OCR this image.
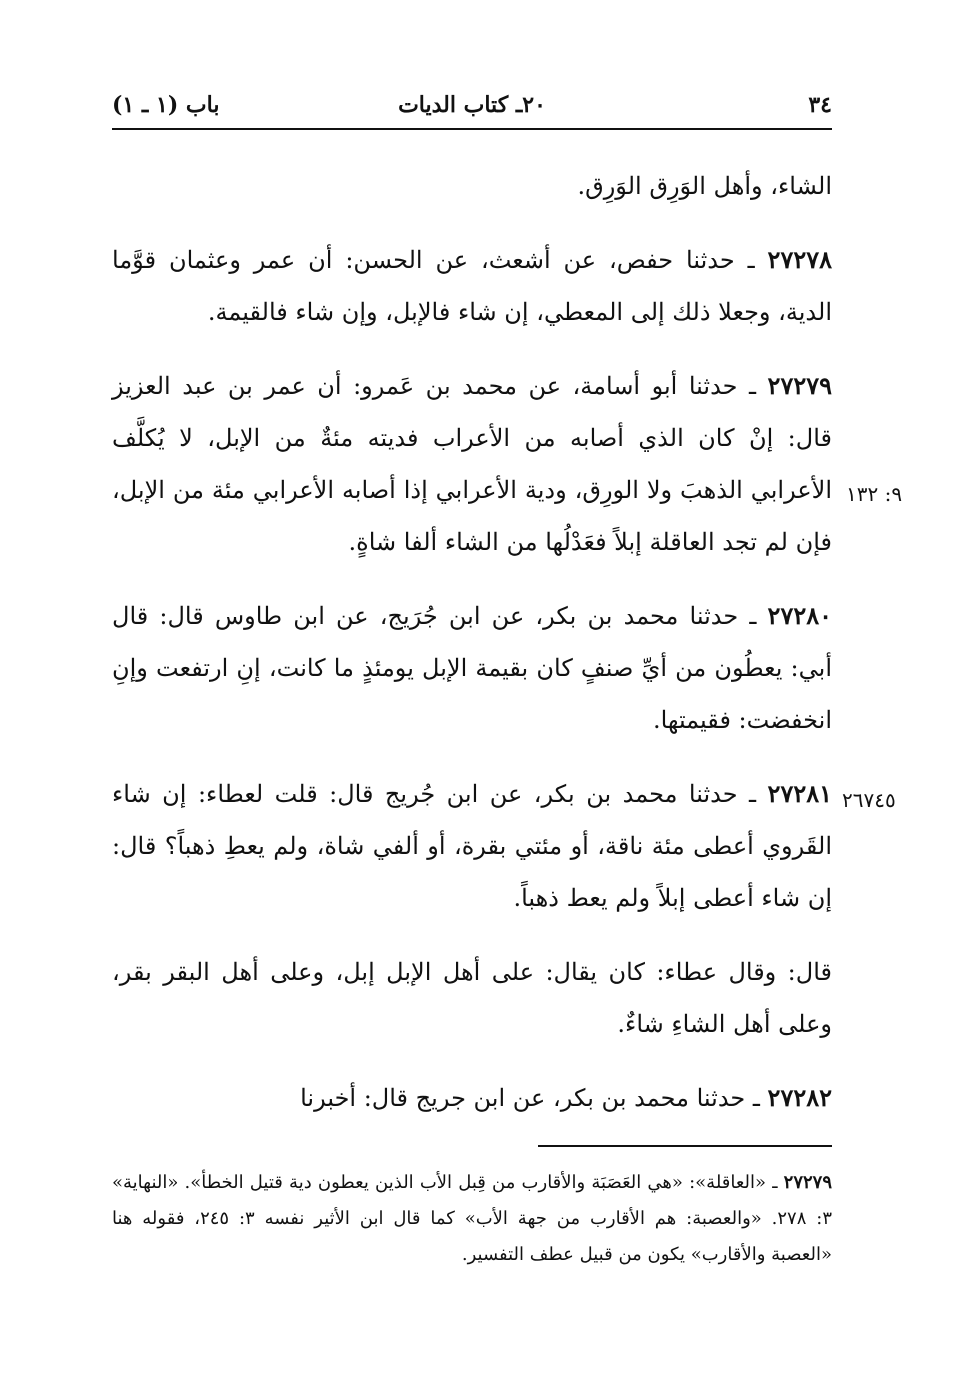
٣٤
٢٠ـ كتاب الديات
باب (١ ـ ١)

الشاء، وأهل الوَرِق الوَرِق.

٢٧٢٧٨ ـ حدثنا حفص، عن أشعث، عن الحسن: أن عمر وعثمان قوَّما الدية، وجعلا ذلك إلى المعطي، إن شاء فالإبل، وإن شاء فالقيمة.

٢٧٢٧٩ ـ حدثنا أبو أسامة، عن محمد بن عَمرو: أن عمر بن عبد العزيز قال: إنْ كان الذي أصابه من الأعراب فديته مئةٌ من الإبل، لا يُكلَّف الأعرابي الذهبَ ولا الورِق، ودية الأعرابي إذا أصابه الأعرابي مئة من الإبل، فإن لم تجد العاقلة إبلاً فعَدْلُها من الشاء ألفا شاةٍ.

٢٧٢٨٠ ـ حدثنا محمد بن بكر، عن ابن جُرَيج، عن ابن طاوس قال: قال أبي: يعطُون من أيِّ صنفٍ كان بقيمة الإبل يومئذٍ ما كانت، إنِ ارتفعت وإنِ انخفضت: فقيمتها.

٢٧٢٨١ ـ حدثنا محمد بن بكر، عن ابن جُريج قال: قلت لعطاء: إن شاء القَروي أعطى مئة ناقة، أو مئتي بقرة، أو ألفي شاة، ولم يعطِ ذهباً؟ قال: إن شاء أعطى إبلاً ولم يعط ذهباً.

قال: وقال عطاء: كان يقال: على أهل الإبل إبل، وعلى أهل البقر بقر، وعلى أهل الشاءِ شاءٌ.

٢٧٢٨٢ ـ حدثنا محمد بن بكر، عن ابن جريج قال: أخبرنا

٩: ١٣٢
٢٦٧٤٥
٢٧٢٧٩ ـ «العاقلة»: «هي العَصَبَة والأقارب من قِبل الأب الذين يعطون دية قتيل الخطأ». «النهاية» ٣: ٢٧٨. «والعصبة: هم الأقارب من جهة الأب» كما قال ابن الأثير نفسه ٣: ٢٤٥، فقوله هنا «العصبة والأقارب» يكون من قبيل عطف التفسير.
